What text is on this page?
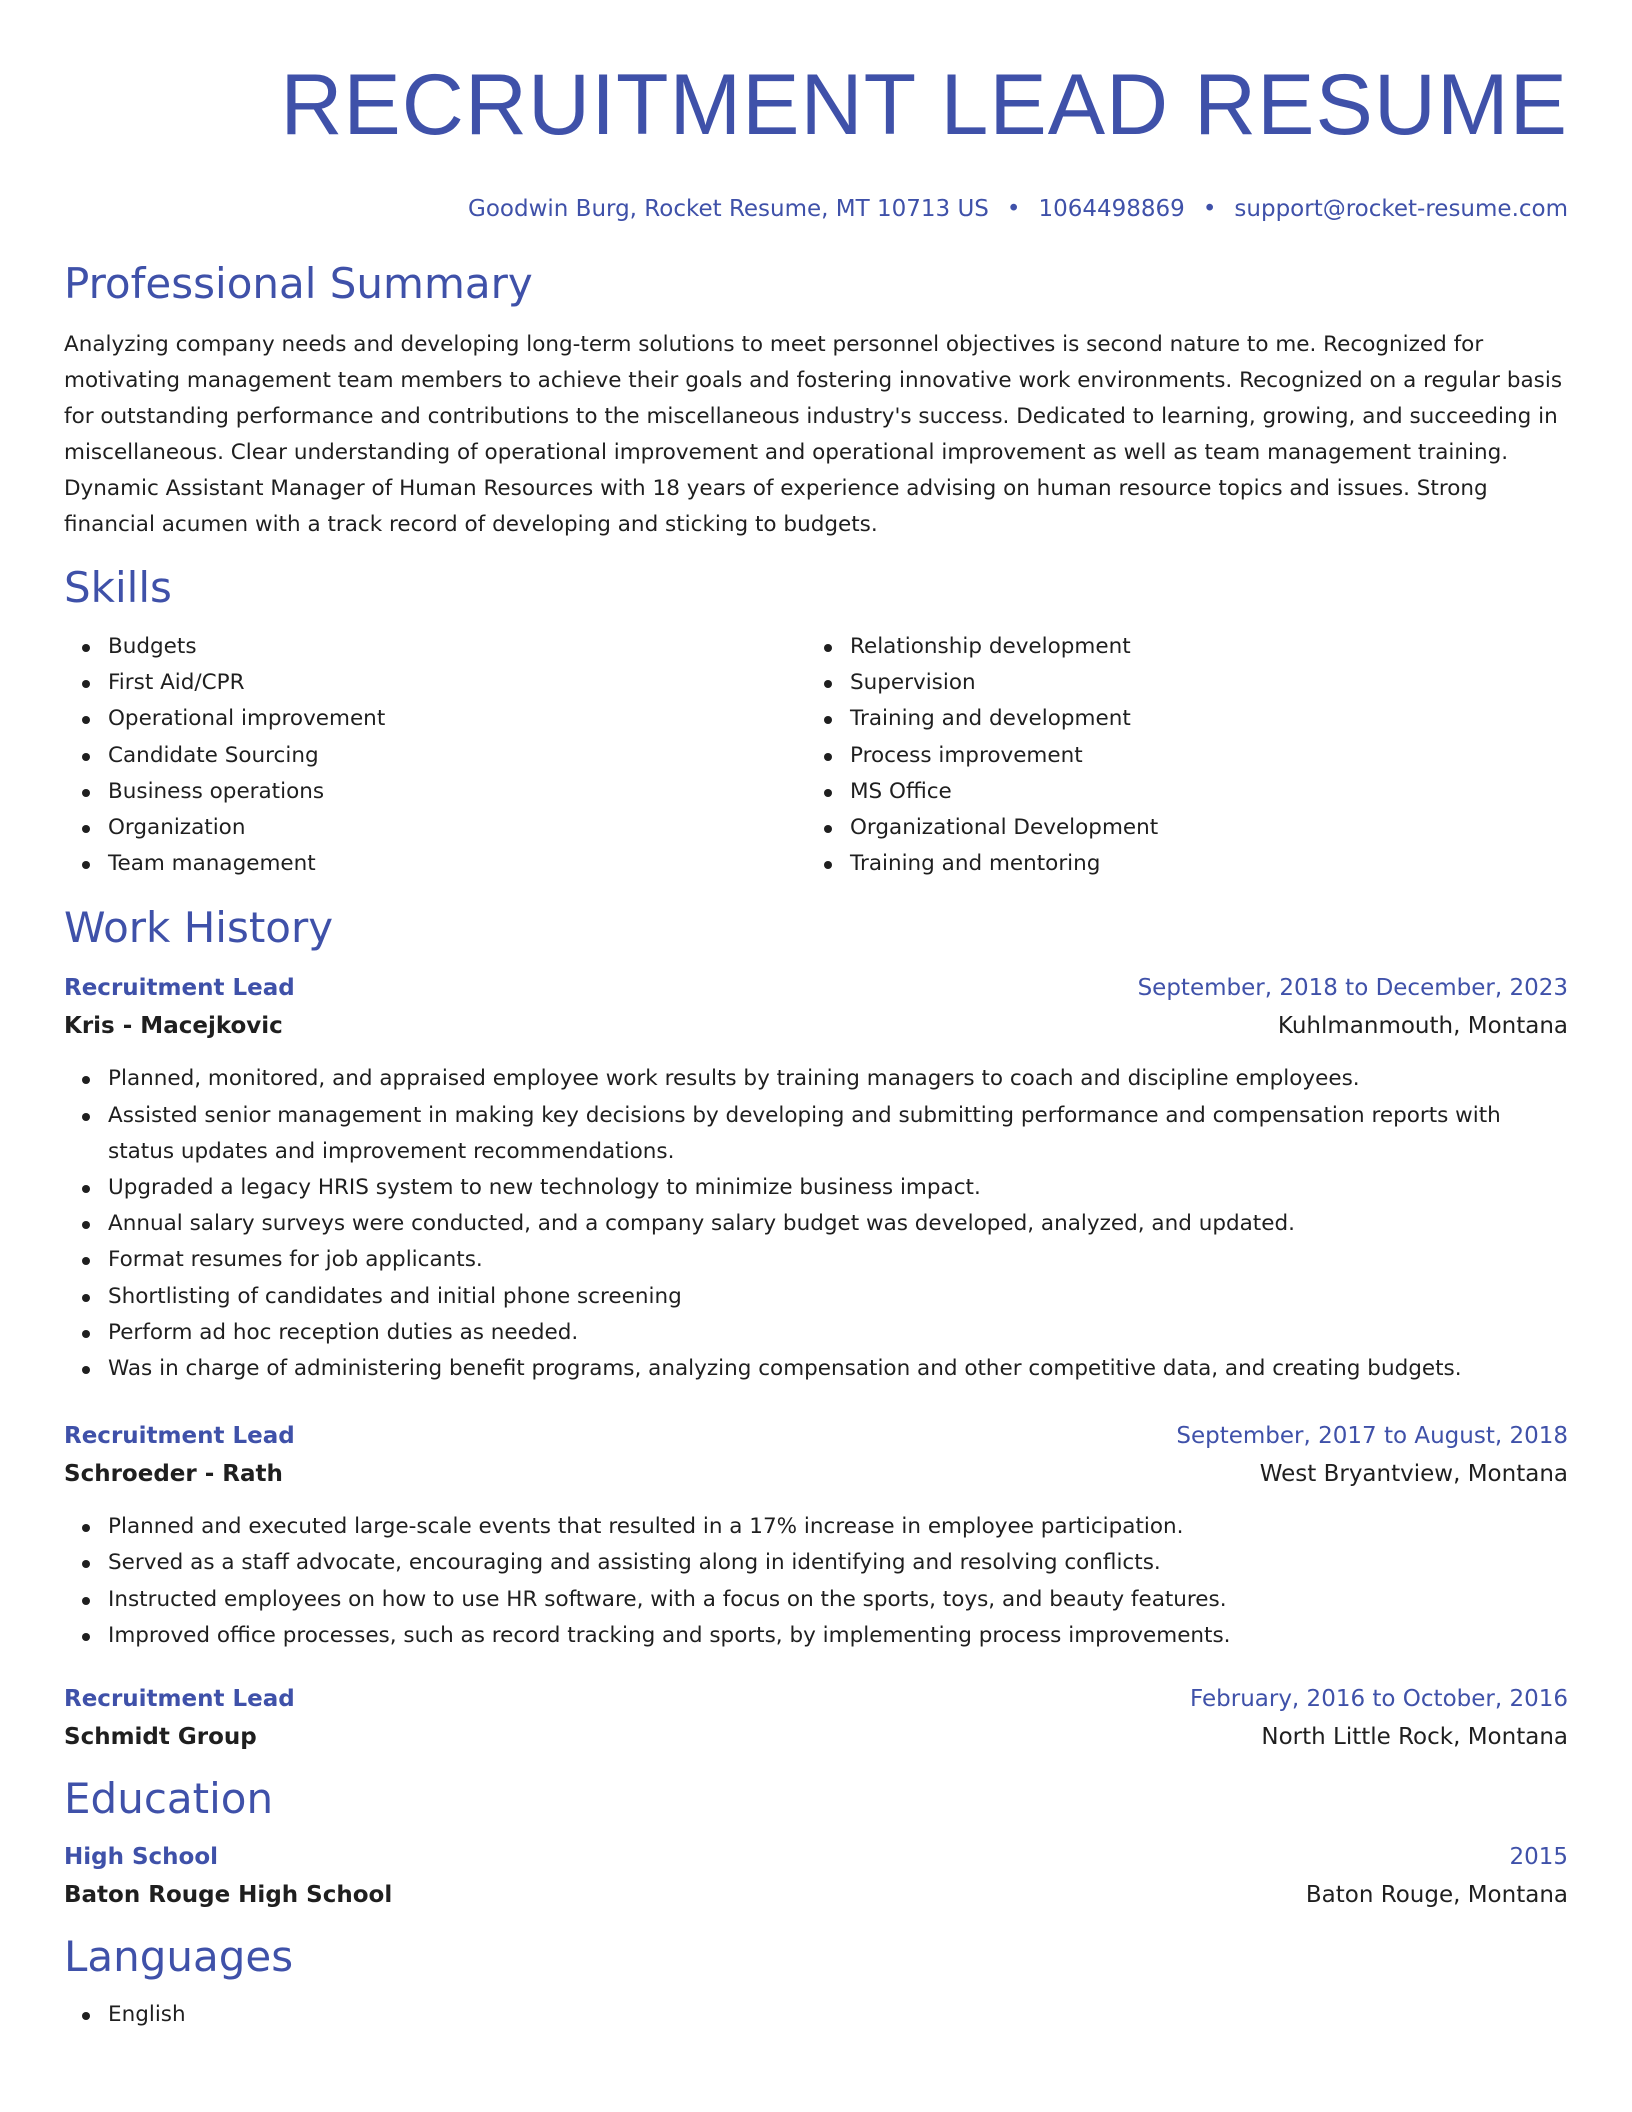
RECRUITMENT LEAD RESUME
Goodwin Burg, Rocket Resume, MT 10713 US • 1064498869 • support@rocket-resume.com
Professional Summary

Analyzing company needs and developing long-term solutions to meet personnel objectives is second nature to me. Recognized for motivating management team members to achieve their goals and fostering innovative work environments. Recognized on a regular basis for outstanding performance and contributions to the miscellaneous industry's success. Dedicated to learning, growing, and succeeding in miscellaneous. Clear understanding of operational improvement and operational improvement as well as team management training. Dynamic Assistant Manager of Human Resources with 18 years of experience advising on human resource topics and issues. Strong financial acumen with a track record of developing and sticking to budgets.

Skills
Budgets
First Aid/CPR
Operational improvement
Candidate Sourcing
Business operations
Organization
Team management
Relationship development
Supervision
Training and development
Process improvement
MS Office
Organizational Development
Training and mentoring
Work History
Recruitment Lead	September, 2018 to December, 2023
Kris - Macejkovic	Kuhlmanmouth, Montana
Planned, monitored, and appraised employee work results by training managers to coach and discipline employees.
Assisted senior management in making key decisions by developing and submitting performance and compensation reports with status updates and improvement recommendations.
Upgraded a legacy HRIS system to new technology to minimize business impact.
Annual salary surveys were conducted, and a company salary budget was developed, analyzed, and updated.
Format resumes for job applicants.
Shortlisting of candidates and initial phone screening
Perform ad hoc reception duties as needed.
Was in charge of administering benefit programs, analyzing compensation and other competitive data, and creating budgets.
Recruitment Lead	September, 2017 to August, 2018
Schroeder - Rath	West Bryantview, Montana
Planned and executed large-scale events that resulted in a 17% increase in employee participation.
Served as a staff advocate, encouraging and assisting along in identifying and resolving conflicts.
Instructed employees on how to use HR software, with a focus on the sports, toys, and beauty features.
Improved office processes, such as record tracking and sports, by implementing process improvements.
Recruitment Lead	February, 2016 to October, 2016
Schmidt Group	North Little Rock, Montana
Education
High School	2015
Baton Rouge High School	Baton Rouge, Montana
Languages
English
